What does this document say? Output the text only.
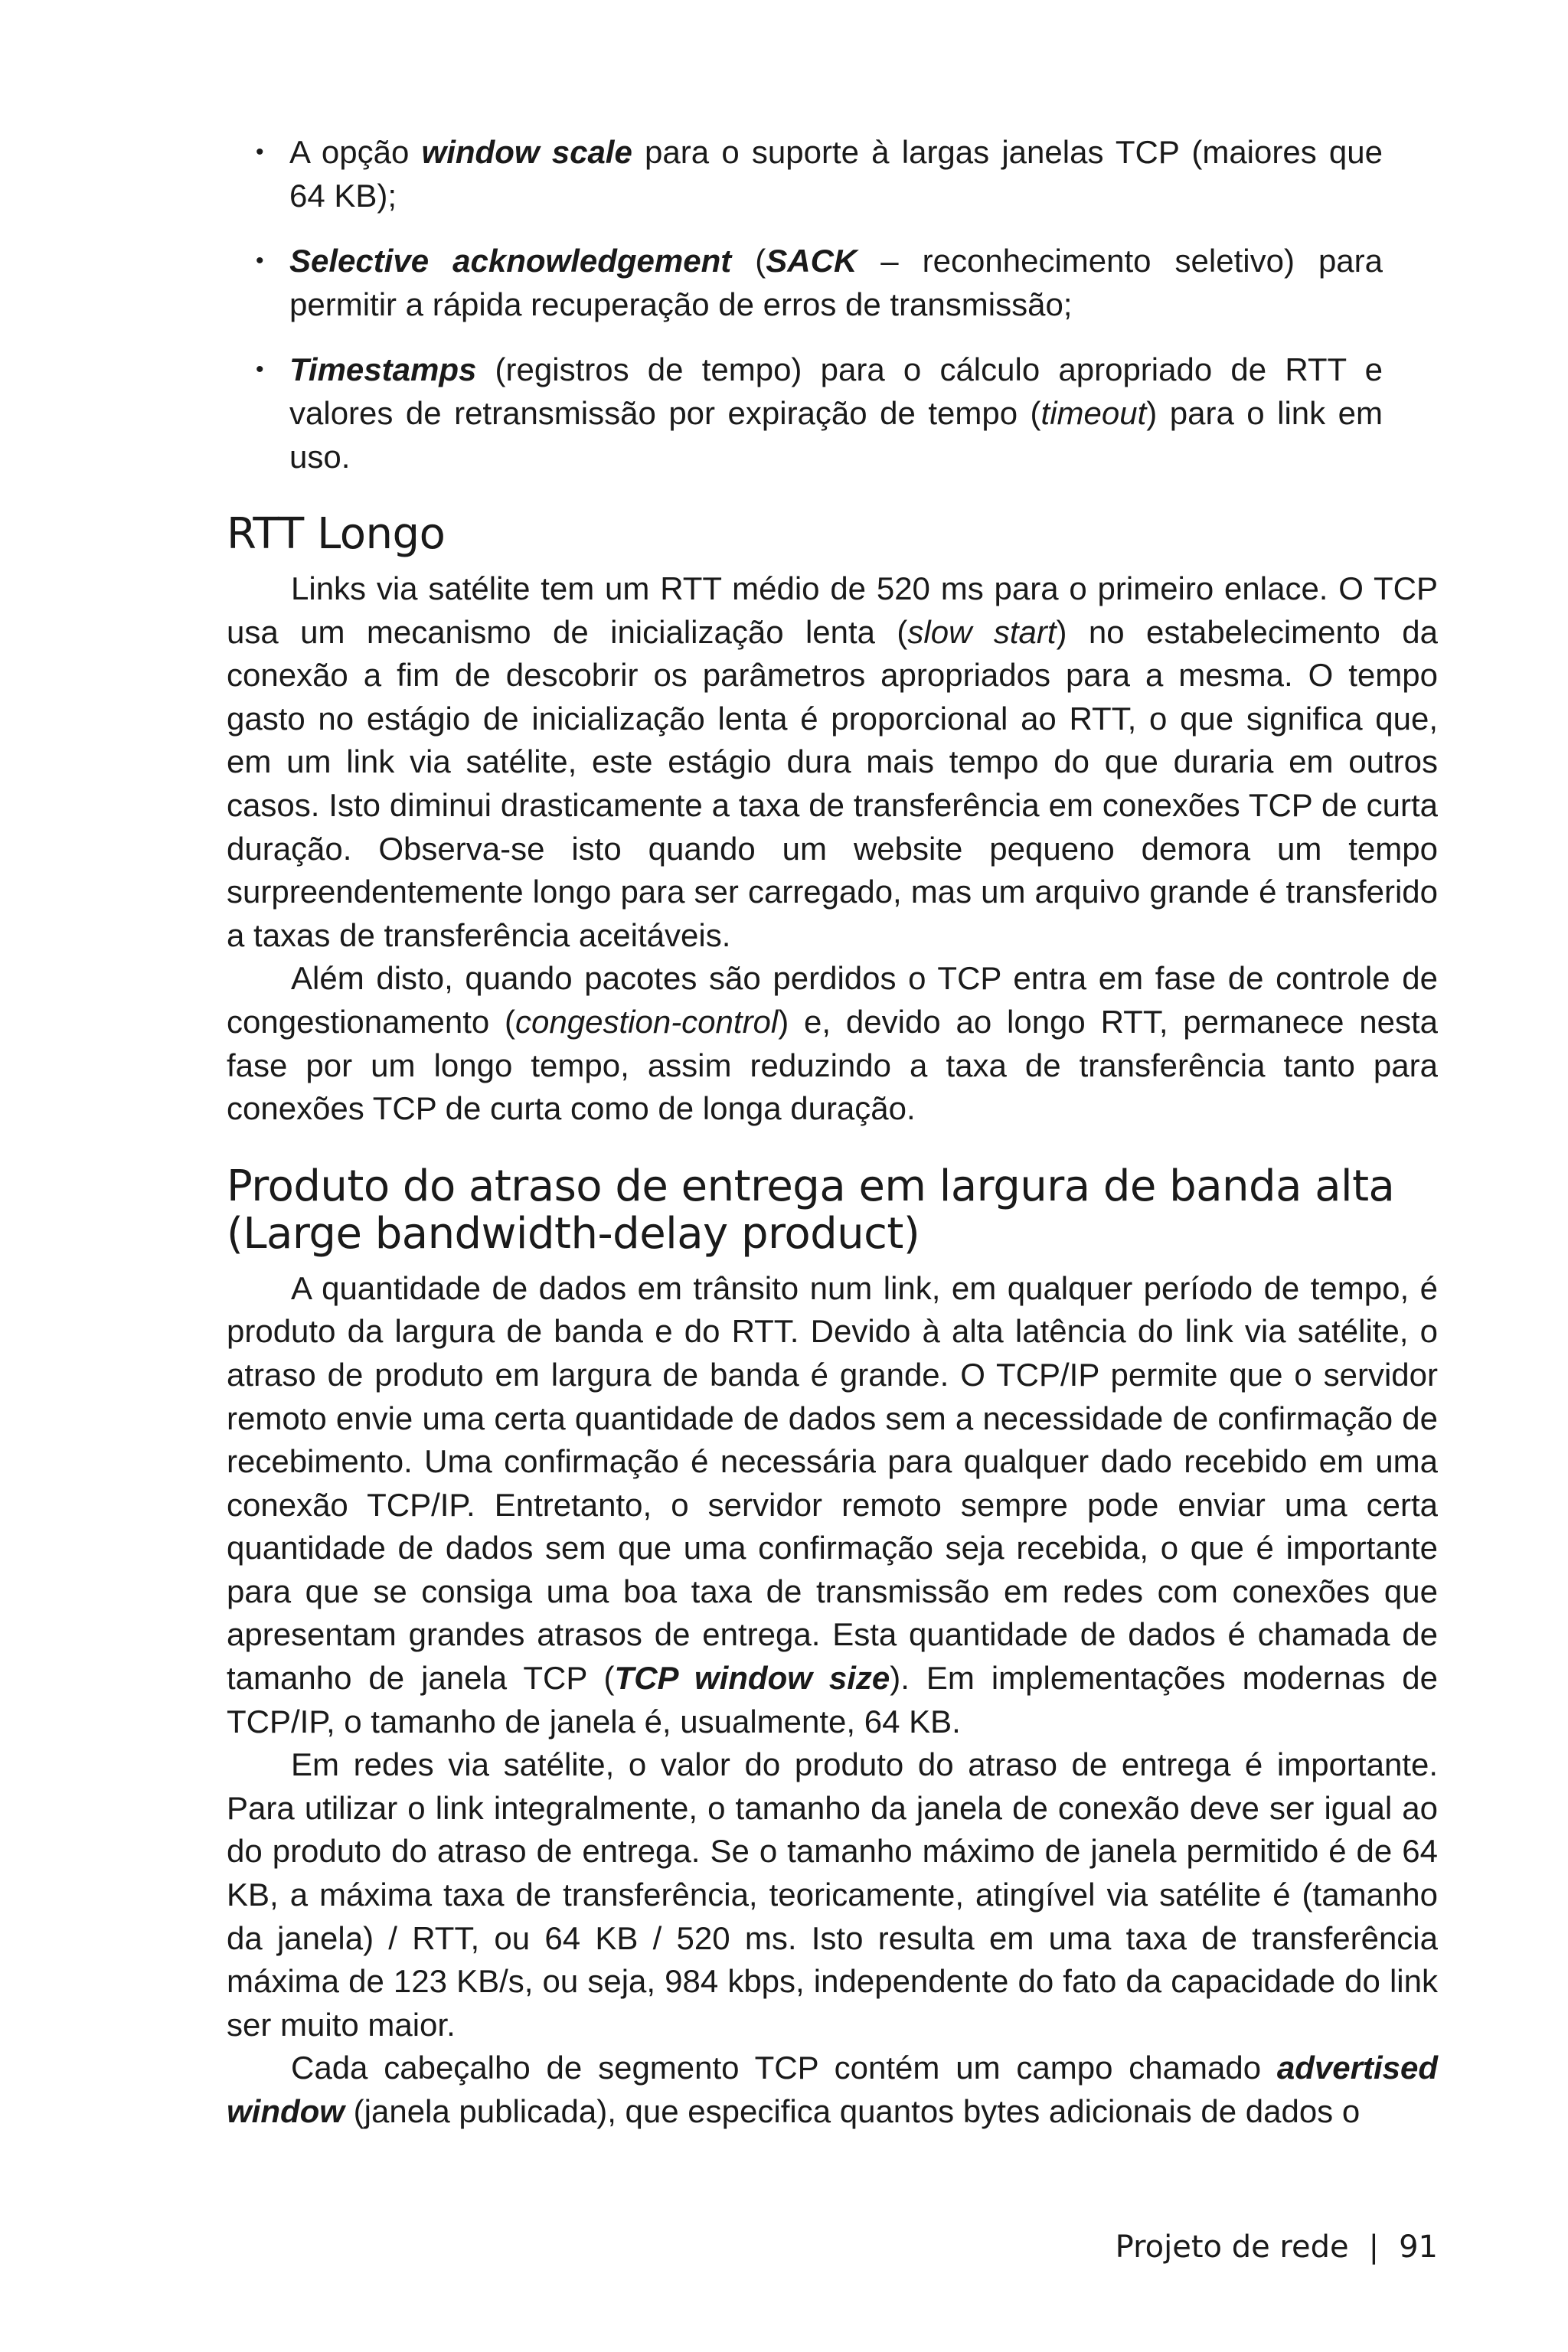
• A opção window scale para o suporte à largas janelas TCP (maiores que 64 KB);
• Selective acknowledgement (SACK – reconhecimento seletivo) para permitir a rápida recuperação de erros de transmissão;
• Timestamps (registros de tempo) para o cálculo apropriado de RTT e valores de retransmissão por expiração de tempo (timeout) para o link em uso.
RTT Longo

Links via satélite tem um RTT médio de 520 ms para o primeiro enlace. O TCP usa um mecanismo de inicialização lenta (slow start) no estabelecimento da conexão a fim de descobrir os parâmetros apropriados para a mesma. O tempo gasto no estágio de inicialização lenta é proporcional ao RTT, o que significa que, em um link via satélite, este estágio dura mais tempo do que duraria em outros casos. Isto diminui drasticamente a taxa de transferência em conexões TCP de curta duração. Observa-se isto quando um website pequeno demora um tempo surpreendentemente longo para ser carregado, mas um arquivo grande é transferido a taxas de transferência aceitáveis.

Além disto, quando pacotes são perdidos o TCP entra em fase de controle de congestionamento (congestion-control) e, devido ao longo RTT, permanece nesta fase por um longo tempo, assim reduzindo a taxa de transferência tanto para conexões TCP de curta como de longa duração.

Produto do atraso de entrega em largura de banda alta (Large bandwidth-delay product)

A quantidade de dados em trânsito num link, em qualquer período de tempo, é produto da largura de banda e do RTT. Devido à alta latência do link via satélite, o atraso de produto em largura de banda é grande. O TCP/IP permite que o servidor remoto envie uma certa quantidade de dados sem a necessidade de confirmação de recebimento. Uma confirmação é necessária para qualquer dado recebido em uma conexão TCP/IP. Entretanto, o servidor remoto sempre pode enviar uma certa quantidade de dados sem que uma confirmação seja recebida, o que é importante para que se consiga uma boa taxa de transmissão em redes com conexões que apresentam grandes atrasos de entrega. Esta quantidade de dados é chamada de tamanho de janela TCP (TCP window size). Em implementações modernas de TCP/IP, o tamanho de janela é, usualmente, 64 KB.

Em redes via satélite, o valor do produto do atraso de entrega é importante. Para utilizar o link integralmente, o tamanho da janela de conexão deve ser igual ao do produto do atraso de entrega. Se o tamanho máximo de janela permitido é de 64 KB, a máxima taxa de transferência, teoricamente, atingível via satélite é (tamanho da janela) / RTT, ou 64 KB / 520 ms. Isto resulta em uma taxa de transferência máxima de 123 KB/s, ou seja, 984 kbps, independente do fato da capacidade do link ser muito maior.

Cada cabeçalho de segmento TCP contém um campo chamado advertised window (janela publicada), que especifica quantos bytes adicionais de dados o

Projeto de rede | 91
